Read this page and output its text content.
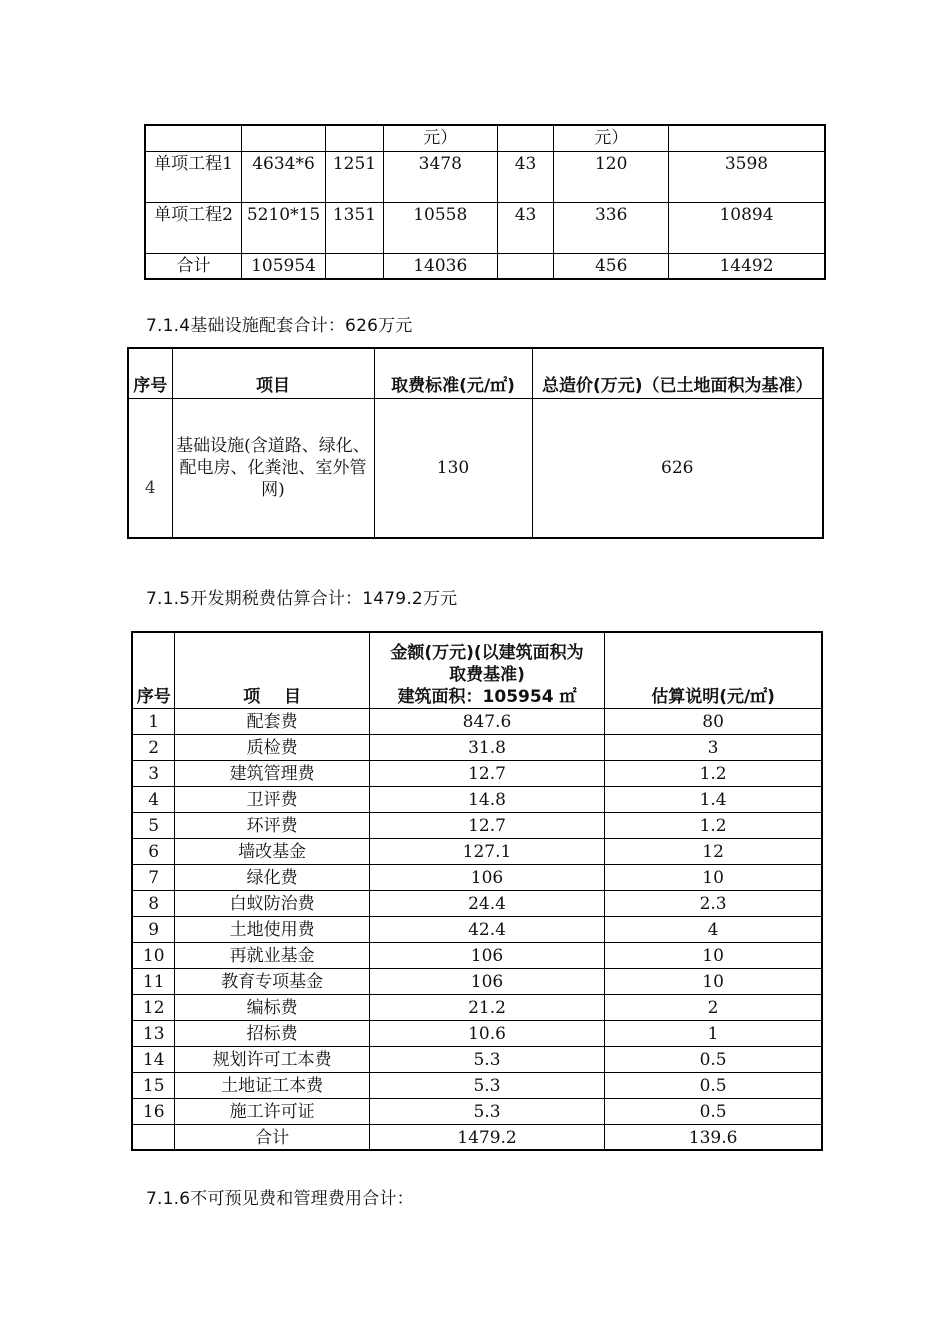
			元）		元）	
单项工程1	4634*6	1251	3478	43	120	3598
单项工程2	5210*15	1351	10558	43	336	10894
合计	105954		14036		456	14492
7.1.4基础设施配套合计：626万元
序号	项目	取费标准(元/㎡)	总造价(万元)（已土地面积为基准）
4	基础设施(含道路、绿化、
配电房、化粪池、室外管网)	130	626
7.1.5开发期税费估算合计：1479.2万元
序号	项    目	金额(万元)(以建筑面积为
取费基准)
建筑面积：105954 ㎡	估算说明(元/㎡)
1	配套费	847.6	80
2	质检费	31.8	3
3	建筑管理费	12.7	1.2
4	卫评费	14.8	1.4
5	环评费	12.7	1.2
6	墙改基金	127.1	12
7	绿化费	106	10
8	白蚁防治费	24.4	2.3
9	土地使用费	42.4	4
10	再就业基金	106	10
11	教育专项基金	106	10
12	编标费	21.2	2
13	招标费	10.6	1
14	规划许可工本费	5.3	0.5
15	土地证工本费	5.3	0.5
16	施工许可证	5.3	0.5
	合计	1479.2	139.6
7.1.6不可预见费和管理费用合计：
